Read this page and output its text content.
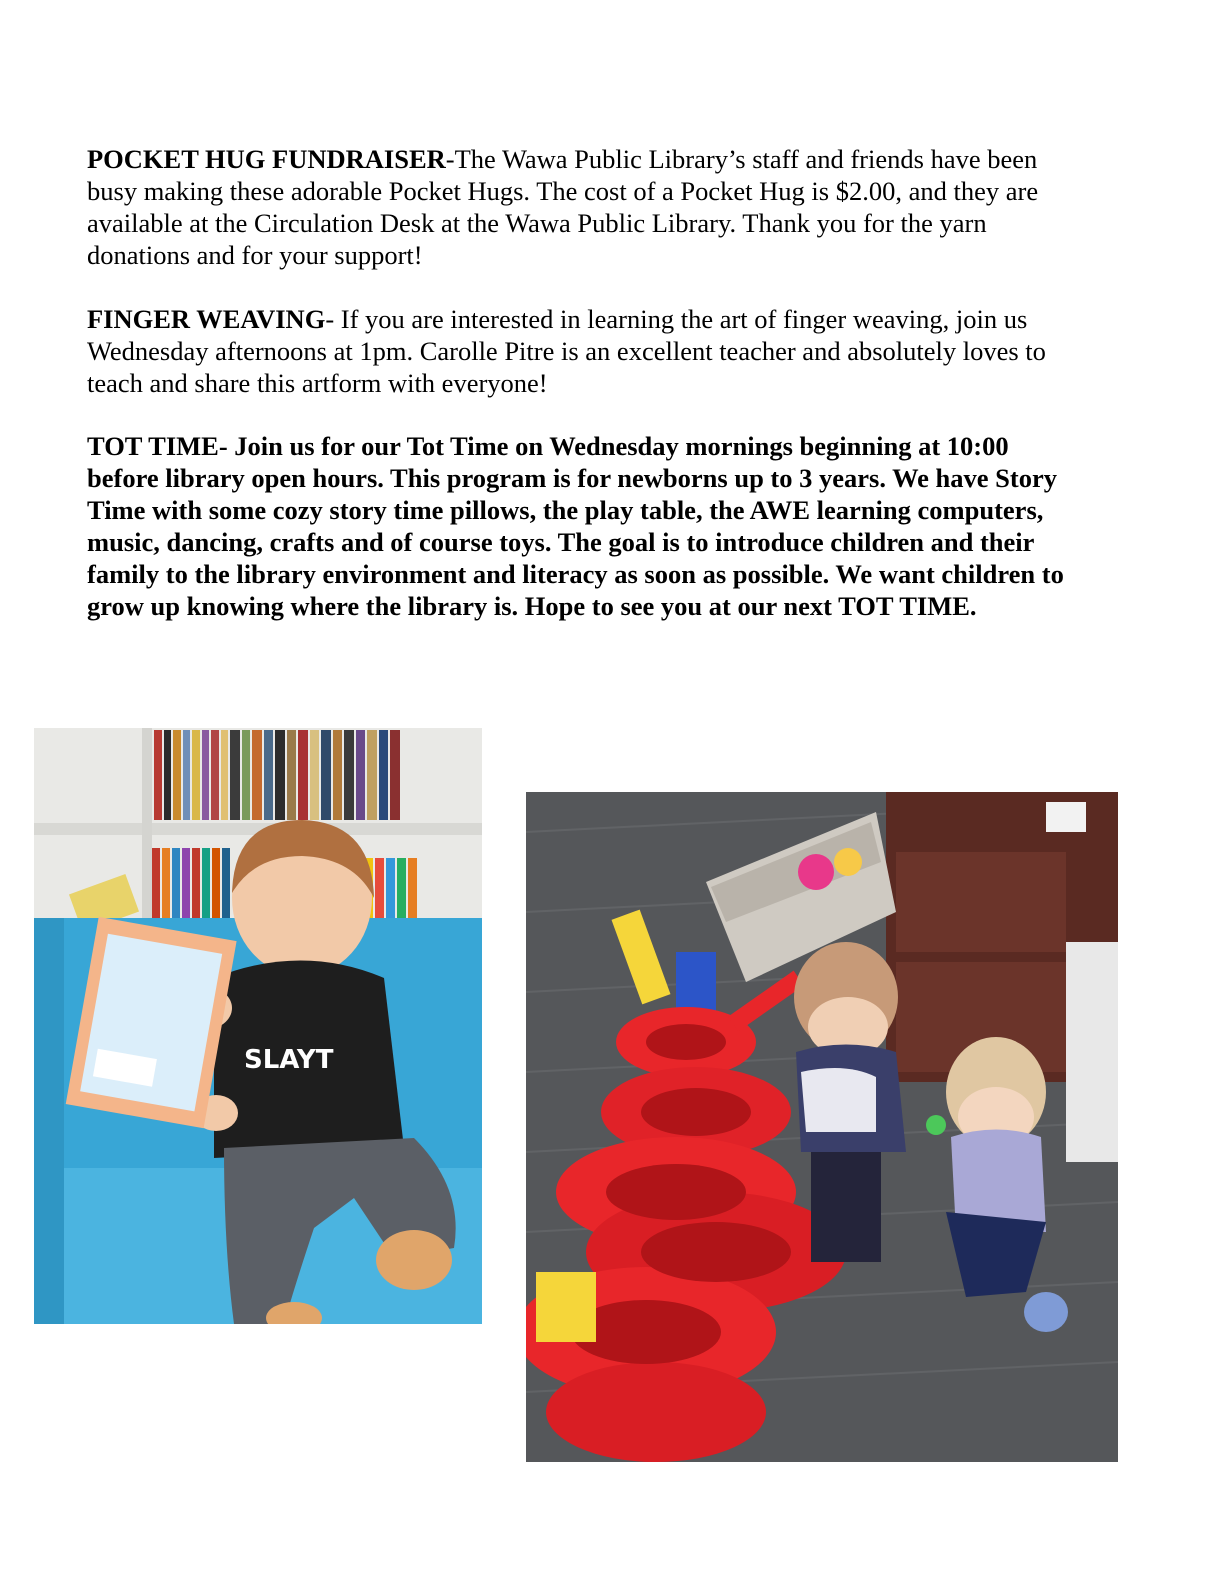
POCKET HUG FUNDRAISER-The Wawa Public Library’s staff and friends have been busy making these adorable Pocket Hugs. The cost of a Pocket Hug is $2.00, and they are available at the Circulation Desk at the Wawa Public Library. Thank you for the yarn donations and for your support!

FINGER WEAVING- If you are interested in learning the art of finger weaving, join us Wednesday afternoons at 1pm. Carolle Pitre is an excellent teacher and absolutely loves to teach and share this artform with everyone!

TOT TIME- Join us for our Tot Time on Wednesday mornings beginning at 10:00 before library open hours. This program is for newborns up to 3 years. We have Story Time with some cozy story time pillows, the play table, the AWE learning computers, music, dancing, crafts and of course toys. The goal is to introduce children and their family to the library environment and literacy as soon as possible. We want children to grow up knowing where the library is. Hope to see you at our next TOT TIME.

SLAYT
